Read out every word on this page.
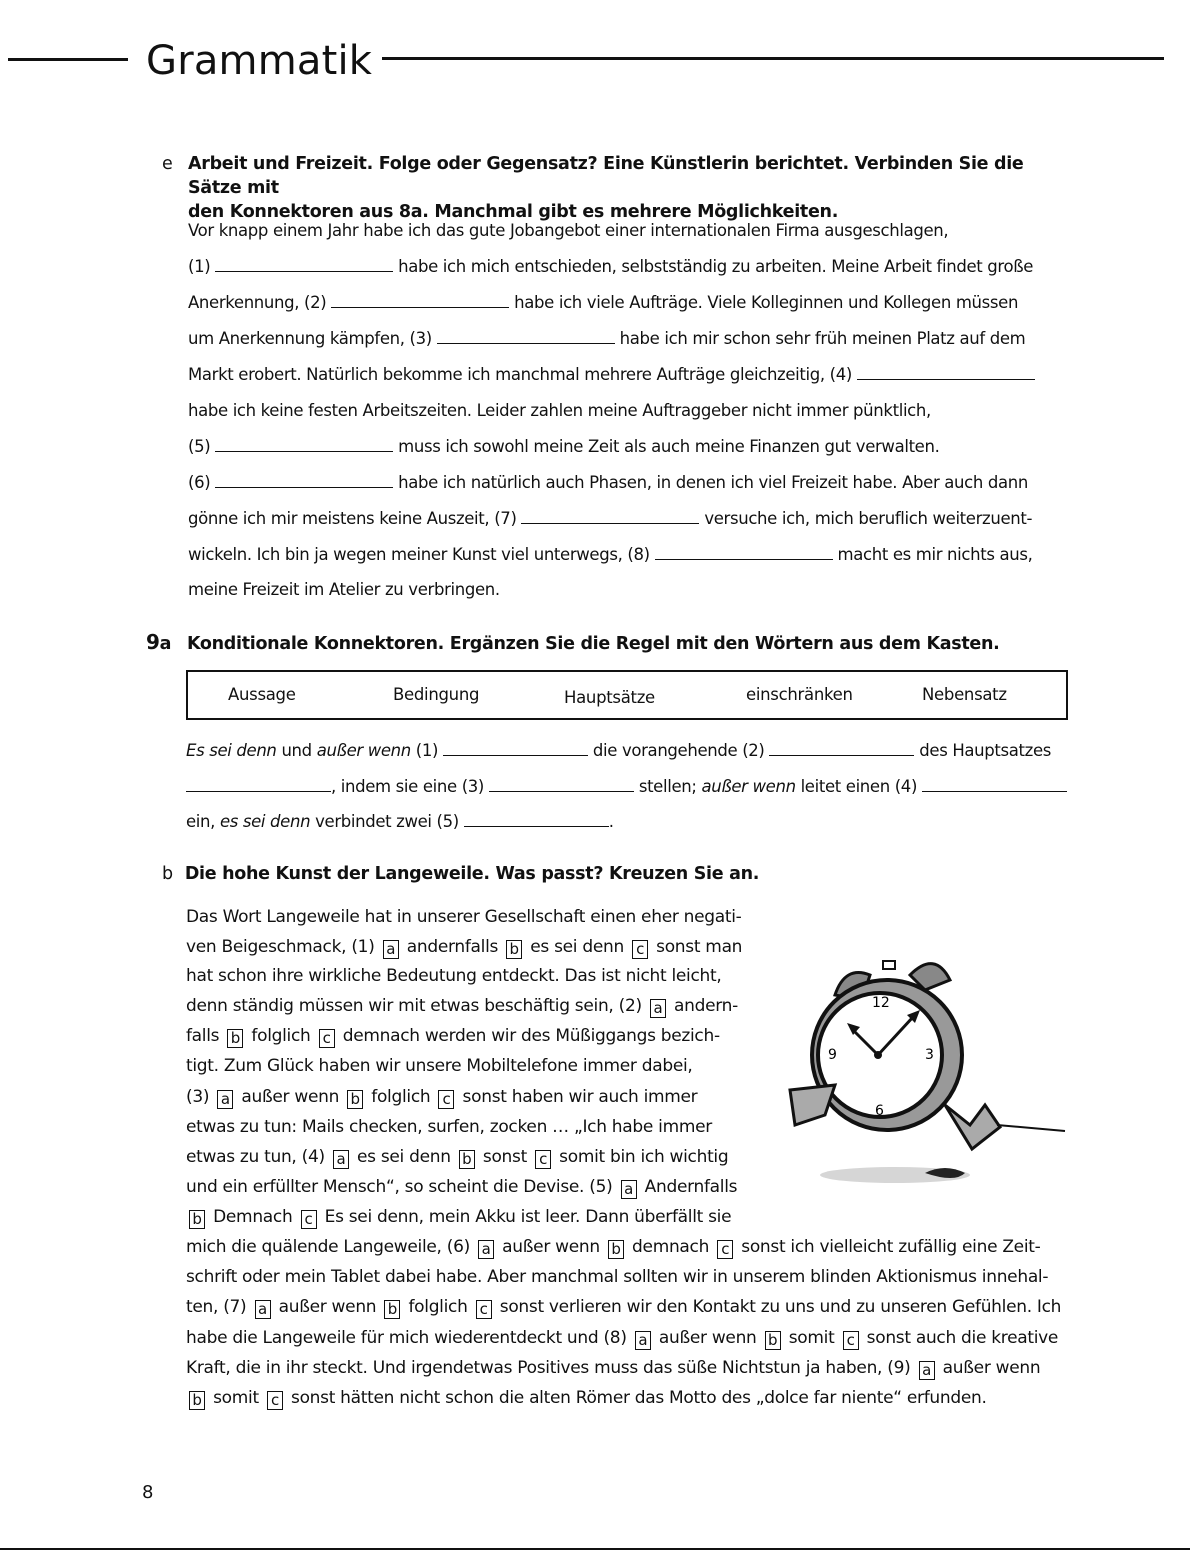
Grammatik
e Arbeit und Freizeit. Folge oder Gegensatz? Eine Künstlerin berichtet. Verbinden Sie die Sätze mit
den Konnektoren aus 8a. Manchmal gibt es mehrere Möglichkeiten.
Vor knapp einem Jahr habe ich das gute Jobangebot einer internationalen Firma ausgeschlagen,
(1)	habe ich mich entschieden, selbstständig zu arbeiten. Meine Arbeit findet große
Anerkennung, (2)	habe ich viele Aufträge. Viele Kolleginnen und Kollegen müssen
um Anerkennung kämpfen, (3)	habe ich mir schon sehr früh meinen Platz auf dem
Markt erobert. Natürlich bekomme ich manchmal mehrere Aufträge gleichzeitig, (4)
habe ich keine festen Arbeitszeiten. Leider zahlen meine Auftraggeber nicht immer pünktlich,
(5)	muss ich sowohl meine Zeit als auch meine Finanzen gut verwalten.
(6)	habe ich natürlich auch Phasen, in denen ich viel Freizeit habe. Aber auch dann
gönne ich mir meistens keine Auszeit, (7)	versuche ich, mich beruflich weiterzuent-
wickeln. Ich bin ja wegen meiner Kunst viel unterwegs, (8)	macht es mir nichts aus,
meine Freizeit im Atelier zu verbringen.
9a Konditionale Konnektoren. Ergänzen Sie die Regel mit den Wörtern aus dem Kasten.
Aussage	Bedingung	Hauptsätze	einschränken	Nebensatz
Es sei denn und außer wenn (1)	die vorangehende (2)	des Hauptsatzes
, indem sie eine (3)	stellen; außer wenn leitet einen (4)
ein, es sei denn verbindet zwei (5)	.
b Die hohe Kunst der Langeweile. Was passt? Kreuzen Sie an.
Das Wort Langeweile hat in unserer Gesellschaft einen eher negati-
ven Beigeschmack, (1) a andernfalls b es sei denn c sonst man
hat schon ihre wirkliche Bedeutung entdeckt. Das ist nicht leicht,
denn ständig müssen wir mit etwas beschäftig sein, (2) a andern-
falls b folglich c demnach werden wir des Müßiggangs bezich-
tigt. Zum Glück haben wir unsere Mobiltelefone immer dabei,
(3) a außer wenn b folglich c sonst haben wir auch immer
etwas zu tun: Mails checken, surfen, zocken … „Ich habe immer
etwas zu tun, (4) a es sei denn b sonst c somit bin ich wichtig
und ein erfüllter Mensch“, so scheint die Devise. (5) a Andernfalls
b Demnach c Es sei denn, mein Akku ist leer. Dann überfällt sie
mich die quälende Langeweile, (6) a außer wenn b demnach c sonst ich vielleicht zufällig eine Zeit-
schrift oder mein Tablet dabei habe. Aber manchmal sollten wir in unserem blinden Aktionismus innehal-
ten, (7) a außer wenn b folglich c sonst verlieren wir den Kontakt zu uns und zu unseren Gefühlen. Ich
habe die Langeweile für mich wiederentdeckt und (8) a außer wenn b somit c sonst auch die kreative
Kraft, die in ihr steckt. Und irgendetwas Positives muss das süße Nichtstun ja haben, (9) a außer wenn
b somit c sonst hätten nicht schon die alten Römer das Motto des „dolce far niente“ erfunden.
12
3
6
9
8
